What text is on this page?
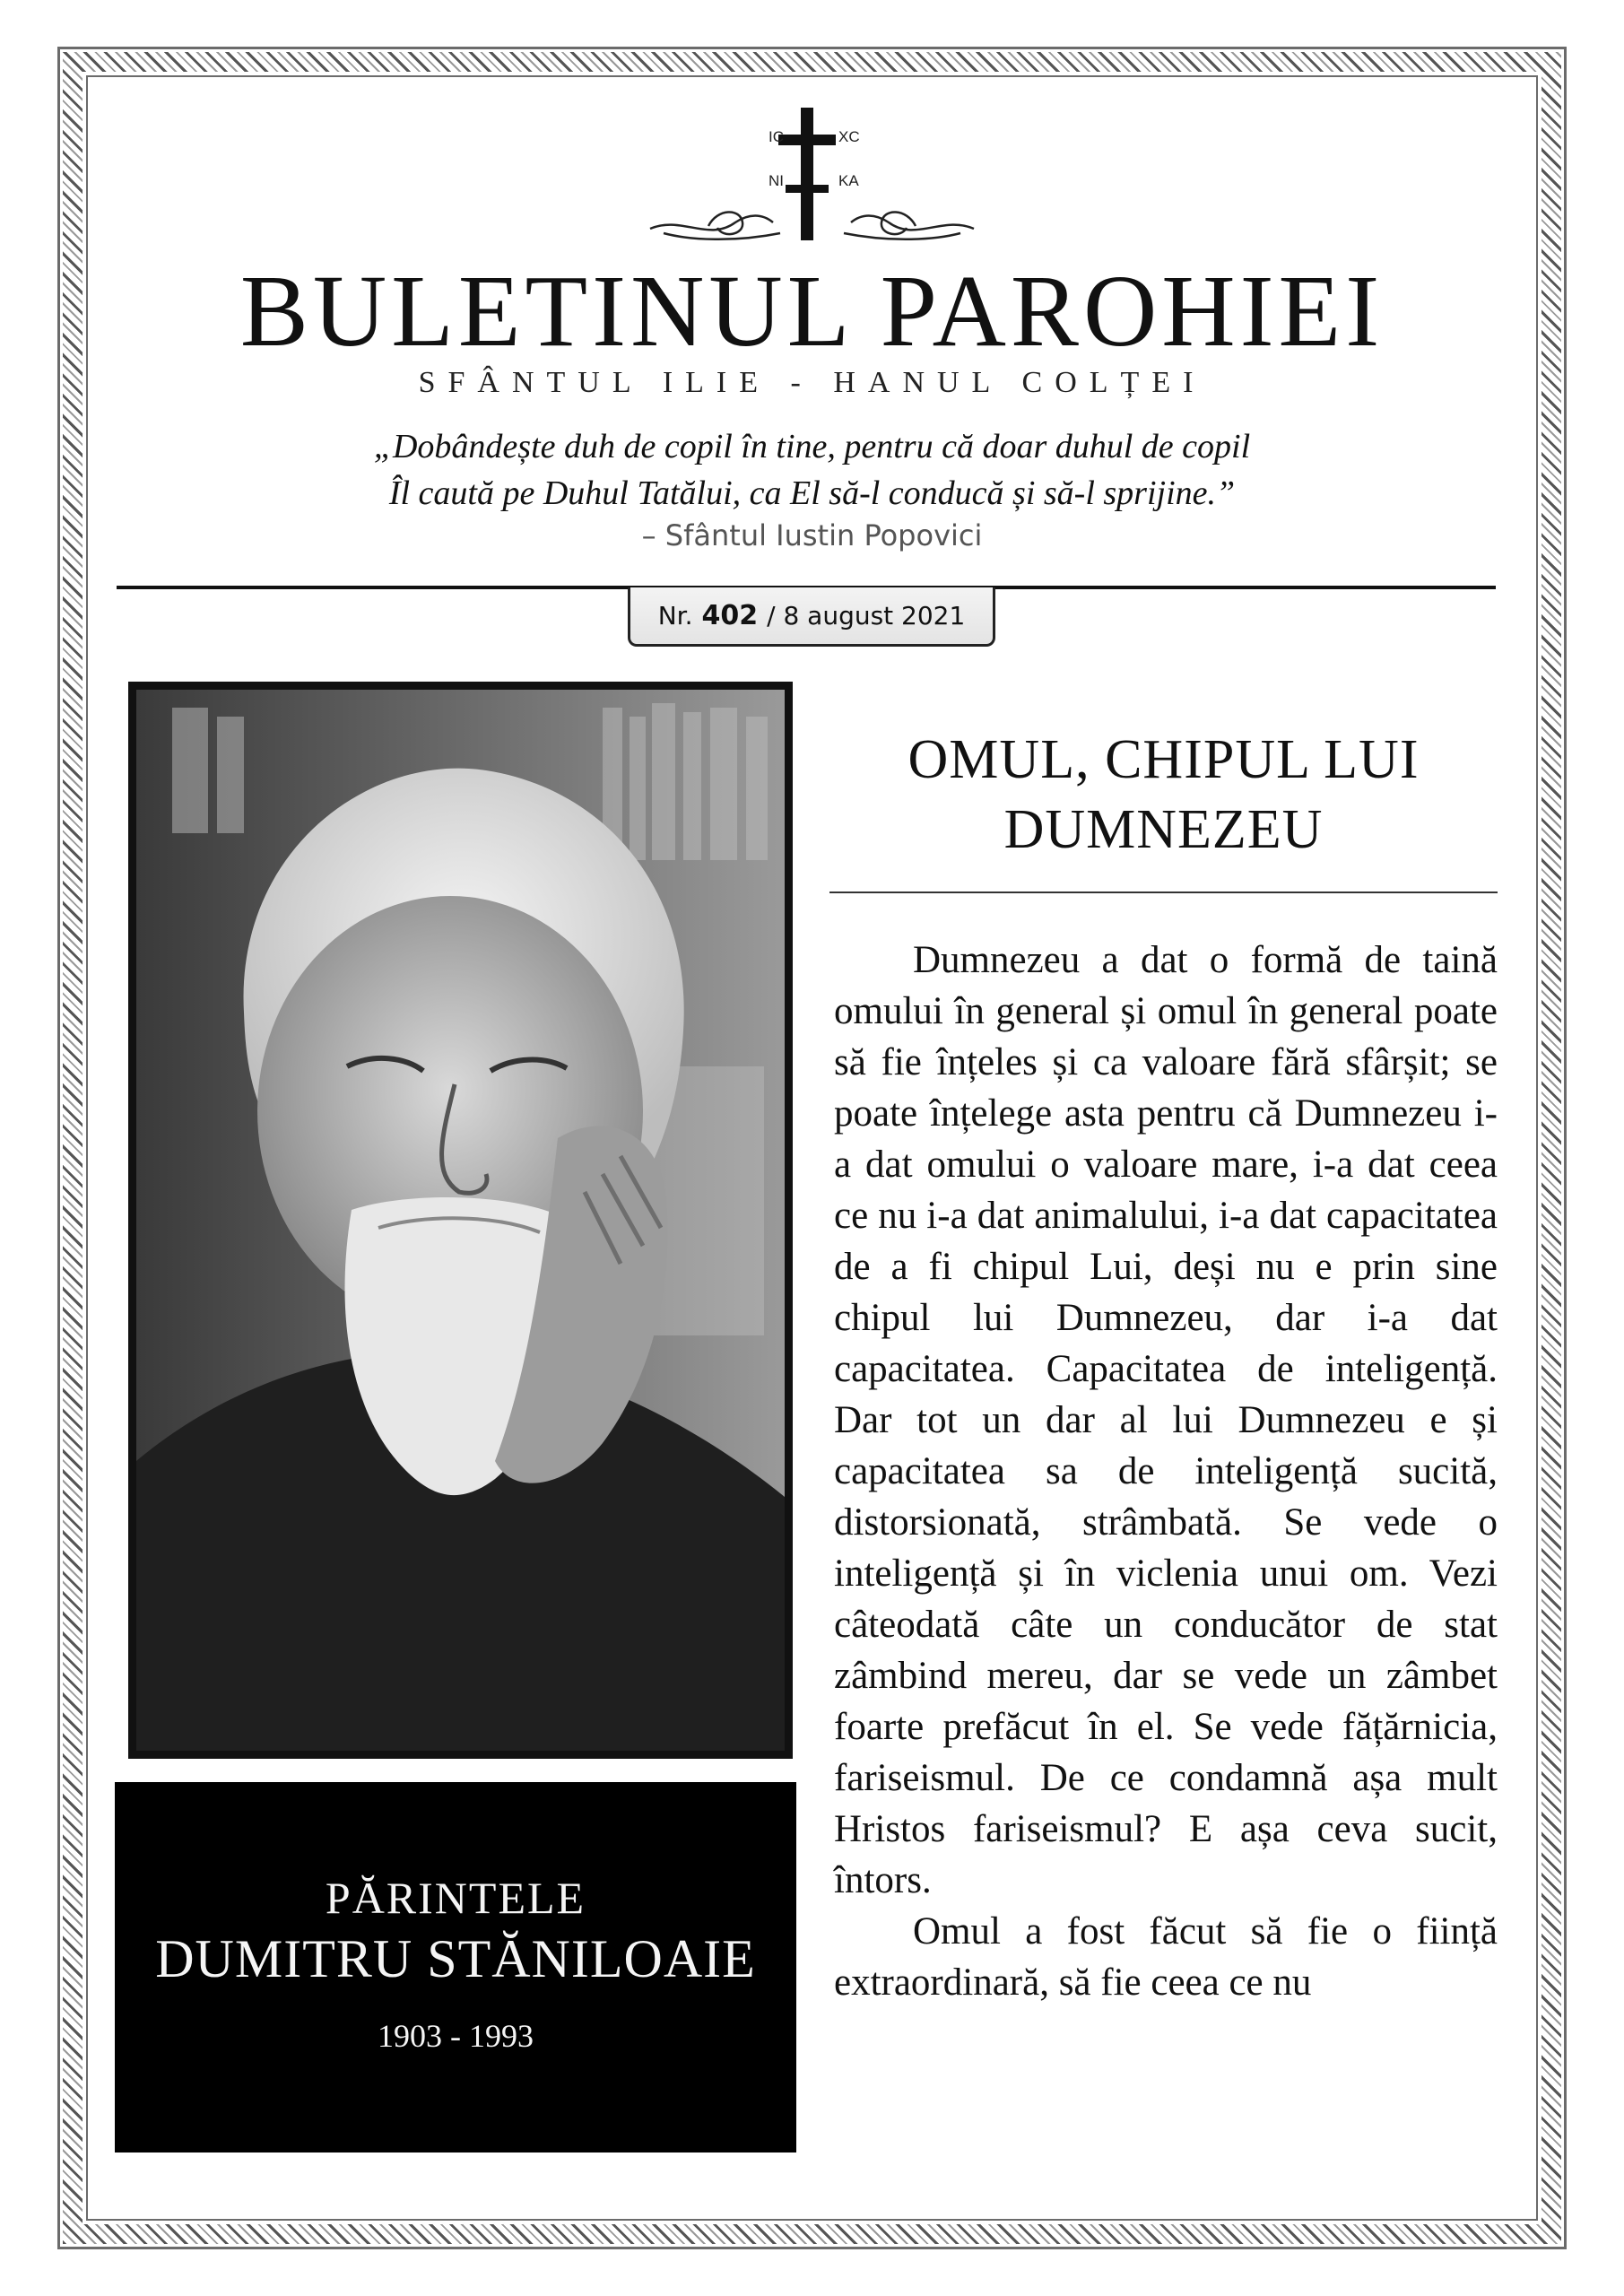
IC	XC
NI	KA
BULETINUL PAROHIEI
SFÂNTUL ILIE - HANUL COLȚEI
„Dobândește duh de copil în tine, pentru că doar duhul de copil
Îl caută pe Duhul Tatălui, ca El să-l conducă și să-l sprijine.”
– Sfântul Iustin Popovici
Nr. 402 / 8 august 2021
PĂRINTELE
DUMITRU STĂNILOAIE
1903 - 1993
OMUL, CHIPUL LUI
DUMNEZEU

Dumnezeu a dat o formă de taină omului în general și omul în general poate să fie înțeles și ca valoare fără sfârșit; se poate înțelege asta pentru că Dumnezeu i-a dat omului o valoare mare, i-a dat ceea ce nu i-a dat animalului, i-a dat capacitatea de a fi chipul Lui, deși nu e prin sine chipul lui Dumnezeu, dar i-a dat capacitatea. Capacitatea de inteligență. Dar tot un dar al lui Dumnezeu e și capacitatea sa de inteligență sucită, distorsionată, strâmbată. Se vede o inteligență și în viclenia unui om. Vezi câteodată câte un conducător de stat zâmbind mereu, dar se vede un zâmbet foarte prefăcut în el. Se vede fățărnicia, fariseismul. De ce condamnă așa mult Hristos fariseismul? E așa ceva sucit, întors.

Omul a fost făcut să fie o ființă extraordinară, să fie ceea ce nu
